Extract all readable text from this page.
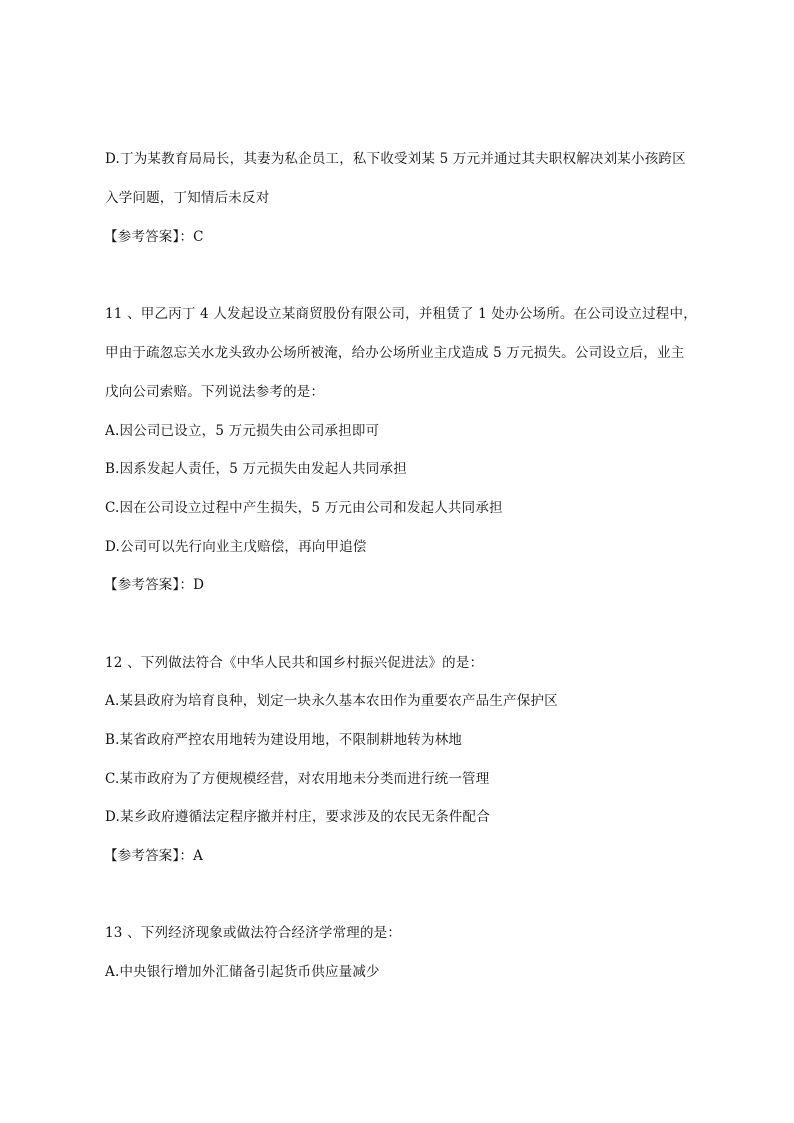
D.丁为某教育局局长，其妻为私企员工，私下收受刘某 5 万元并通过其夫职权解决刘某小孩跨区
入学问题，丁知情后未反对
【参考答案】：C
11 、甲乙丙丁 4 人发起设立某商贸股份有限公司，并租赁了 1 处办公场所。在公司设立过程中，
甲由于疏忽忘关水龙头致办公场所被淹，给办公场所业主戊造成 5 万元损失。公司设立后，业主
戊向公司索赔。下列说法参考的是：
A.因公司已设立，5 万元损失由公司承担即可
B.因系发起人责任，5 万元损失由发起人共同承担
C.因在公司设立过程中产生损失，5 万元由公司和发起人共同承担
D.公司可以先行向业主戊赔偿，再向甲追偿
【参考答案】：D
12 、下列做法符合《中华人民共和国乡村振兴促进法》的是：
A.某县政府为培育良种，划定一块永久基本农田作为重要农产品生产保护区
B.某省政府严控农用地转为建设用地，不限制耕地转为林地
C.某市政府为了方便规模经营，对农用地未分类而进行统一管理
D.某乡政府遵循法定程序撤并村庄，要求涉及的农民无条件配合
【参考答案】：A
13 、下列经济现象或做法符合经济学常理的是：
A.中央银行增加外汇储备引起货币供应量减少
